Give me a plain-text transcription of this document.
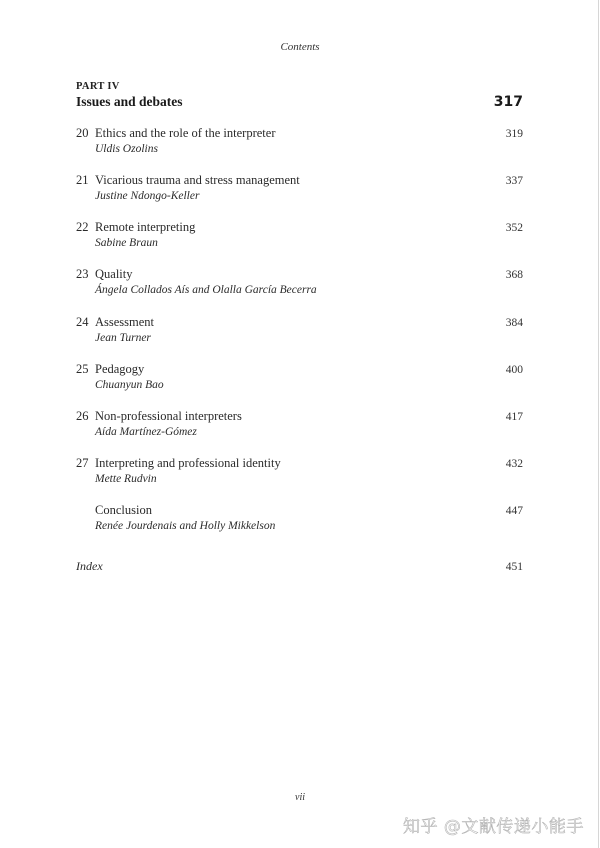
Contents
PART IV
Issues and debates	317
20 Ethics and the role of the interpreter	319
Uldis Ozolins
21 Vicarious trauma and stress management	337
Justine Ndongo-Keller
22 Remote interpreting	352
Sabine Braun
23 Quality	368
Ángela Collados Aís and Olalla García Becerra
24 Assessment	384
Jean Turner
25 Pedagogy	400
Chuanyun Bao
26 Non-professional interpreters	417
Aída Martínez-Gómez
27 Interpreting and professional identity	432
Mette Rudvin
Conclusion	447
Renée Jourdenais and Holly Mikkelson
Index	451
vii
知乎 @文献传递小能手
